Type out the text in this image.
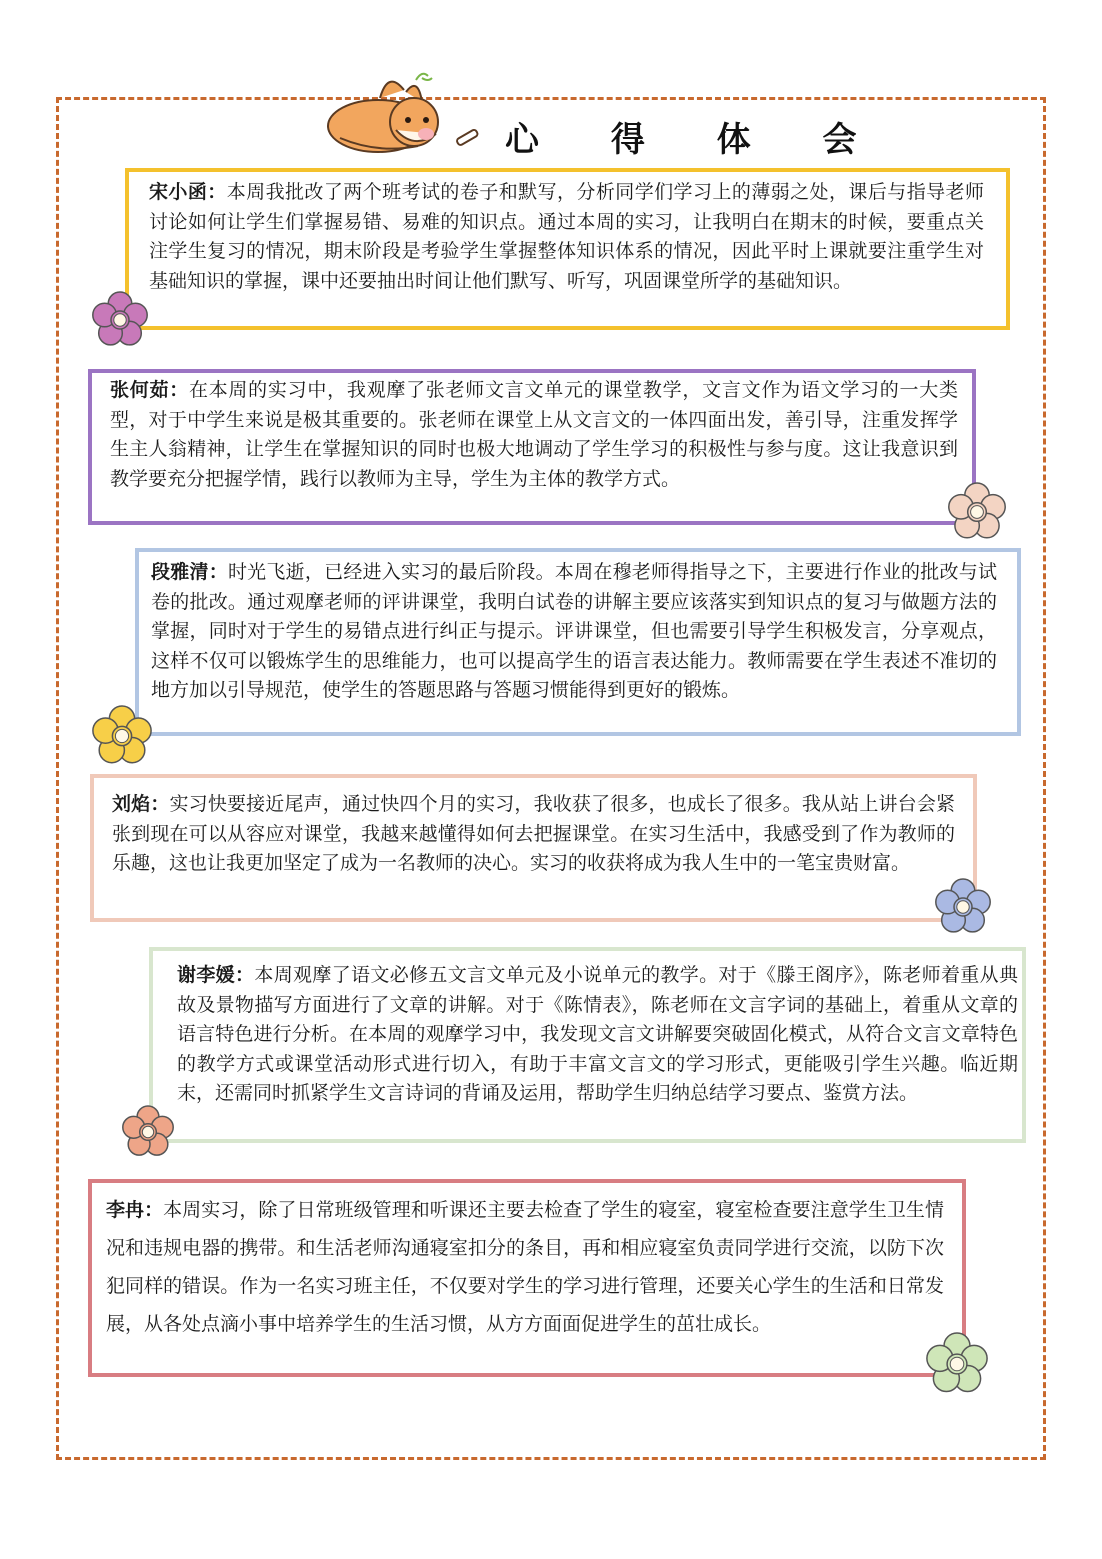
心 得 体 会
宋小函：本周我批改了两个班考试的卷子和默写，分析同学们学习上的薄弱之处，课后与指导老师讨论如何让学生们掌握易错、易难的知识点。通过本周的实习，让我明白在期末的时候，要重点关注学生复习的情况，期末阶段是考验学生掌握整体知识体系的情况，因此平时上课就要注重学生对基础知识的掌握，课中还要抽出时间让他们默写、听写，巩固课堂所学的基础知识。
张何茹：在本周的实习中，我观摩了张老师文言文单元的课堂教学，文言文作为语文学习的一大类型，对于中学生来说是极其重要的。张老师在课堂上从文言文的一体四面出发，善引导，注重发挥学生主人翁精神，让学生在掌握知识的同时也极大地调动了学生学习的积极性与参与度。这让我意识到教学要充分把握学情，践行以教师为主导，学生为主体的教学方式。
段雅清：时光飞逝，已经进入实习的最后阶段。本周在穆老师得指导之下，主要进行作业的批改与试卷的批改。通过观摩老师的评讲课堂，我明白试卷的讲解主要应该落实到知识点的复习与做题方法的掌握，同时对于学生的易错点进行纠正与提示。评讲课堂，但也需要引导学生积极发言，分享观点，这样不仅可以锻炼学生的思维能力，也可以提高学生的语言表达能力。教师需要在学生表述不准切的地方加以引导规范，使学生的答题思路与答题习惯能得到更好的锻炼。
刘焰：实习快要接近尾声，通过快四个月的实习，我收获了很多，也成长了很多。我从站上讲台会紧张到现在可以从容应对课堂，我越来越懂得如何去把握课堂。在实习生活中，我感受到了作为教师的乐趣，这也让我更加坚定了成为一名教师的决心。实习的收获将成为我人生中的一笔宝贵财富。
谢李媛：本周观摩了语文必修五文言文单元及小说单元的教学。对于《滕王阁序》，陈老师着重从典故及景物描写方面进行了文章的讲解。对于《陈情表》，陈老师在文言字词的基础上，着重从文章的语言特色进行分析。在本周的观摩学习中，我发现文言文讲解要突破固化模式，从符合文言文章特色的教学方式或课堂活动形式进行切入，有助于丰富文言文的学习形式，更能吸引学生兴趣。临近期末，还需同时抓紧学生文言诗词的背诵及运用，帮助学生归纳总结学习要点、鉴赏方法。
李冉：本周实习，除了日常班级管理和听课还主要去检查了学生的寝室，寝室检查要注意学生卫生情况和违规电器的携带。和生活老师沟通寝室扣分的条目，再和相应寝室负责同学进行交流，以防下次犯同样的错误。作为一名实习班主任，不仅要对学生的学习进行管理，还要关心学生的生活和日常发展，从各处点滴小事中培养学生的生活习惯，从方方面面促进学生的茁壮成长。
